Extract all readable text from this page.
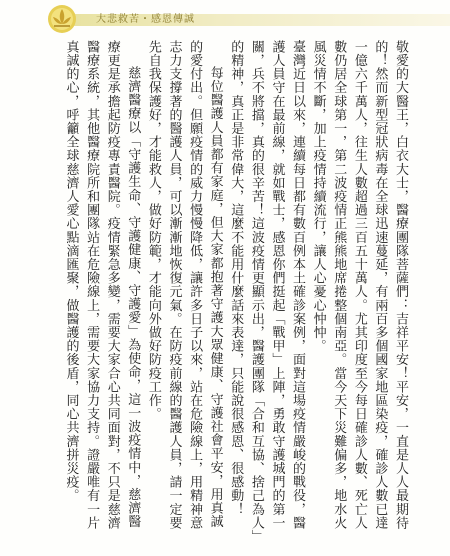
大悲救苦・感恩傳誠

敬愛的大醫王，白衣大士，醫療團隊菩薩們：吉祥平安！平安，一直是人人最期待的！然而新型冠狀病毒在全球迅速蔓延，有兩百多個國家地區染疫，確診人數已達一億六千萬人，往生人數超過三百五十萬人。尤其印度至今每日確診人數、死亡人數仍居全球第一，第二波疫情正熊熊地席捲整個南亞。當今天下災難偏多，地水火風災情不斷，加上疫情持續流行，讓人心憂心忡忡。

臺灣近日以來，連續每日都有數百例本土確診案例，面對這場疫情嚴峻的戰役，醫護人員守在最前線，就如戰士，感恩你們挺起「戰甲」上陣，勇敢守護城門的第一關，兵不將擋，真的很辛苦！這波疫情更顯示出，醫護團隊「合和互協、捨己為人」的精神，真正是非常偉大，這麼不能用什麼話來表達，只能說很感恩、很感動！

每位醫護人員都有家庭，但大家都抱著守護大眾健康、守護社會平安，用真誠的愛付出。但願疫情的威力慢慢降低，讓許多日子以來，站在危險線上，用精神意志力支撐著的醫護人員，可以漸漸地恢復元氣。在防疫前線的醫護人員，請一定要先自我保護好，才能救人，做好防範，才能向外做好防疫工作。

慈濟醫療以「守護生命、守護健康、守護愛」為使命，這一波疫情中，慈濟醫療更是承擔起防疫專責醫院。疫情緊急多變，需要大家合心共同面對，不只是慈濟醫療系統，其他醫療院所和團隊站在危險線上，需要大家協力支持。證嚴唯有一片真誠的心，呼籲全球慈濟人愛心點滴匯聚，做醫護的後盾，同心共濟拼災疫。
